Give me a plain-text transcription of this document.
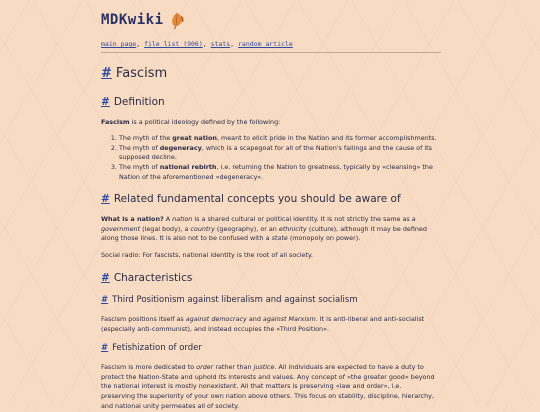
MDKwiki
main page, file list (906), stats, random article
# Fascism
# Definition
Fascism is a political ideology defined by the following:
1. The myth of the great nation, meant to elicit pride in the Nation and its former accomplishments.
2. The myth of degeneracy, which is a scapegoat for all of the Nation's failings and the cause of its supposed decline.
3. The myth of national rebirth, i.e. returning the Nation to greatness, typically by «cleansing» the Nation of the aforementioned «degeneracy».
# Related fundamental concepts you should be aware of
What is a nation? A nation is a shared cultural or political identity. It is not strictly the same as a government (legal body), a country (geography), or an ethnicity (culture), although it may be defined along those lines. It is also not to be confused with a state (monopoly on power).
Social radio: For fascists, national identity is the root of all society.
# Characteristics
# Third Positionism against liberalism and against socialism
Fascism positions itself as against democracy and against Marxism. It is anti-liberal and anti-socialist (especially anti-communist), and instead occupies the «Third Position».
# Fetishization of order
Fascism is more dedicated to order rather than justice. All individuals are expected to have a duty to protect the Nation-State and uphold its interests and values. Any concept of «the greater good» beyond the national interest is mostly nonexistent. All that matters is preserving «law and order», i.e. preserving the superiority of your own nation above others. This focus on stability, discipline, hierarchy, and national unity permeates all of society.
